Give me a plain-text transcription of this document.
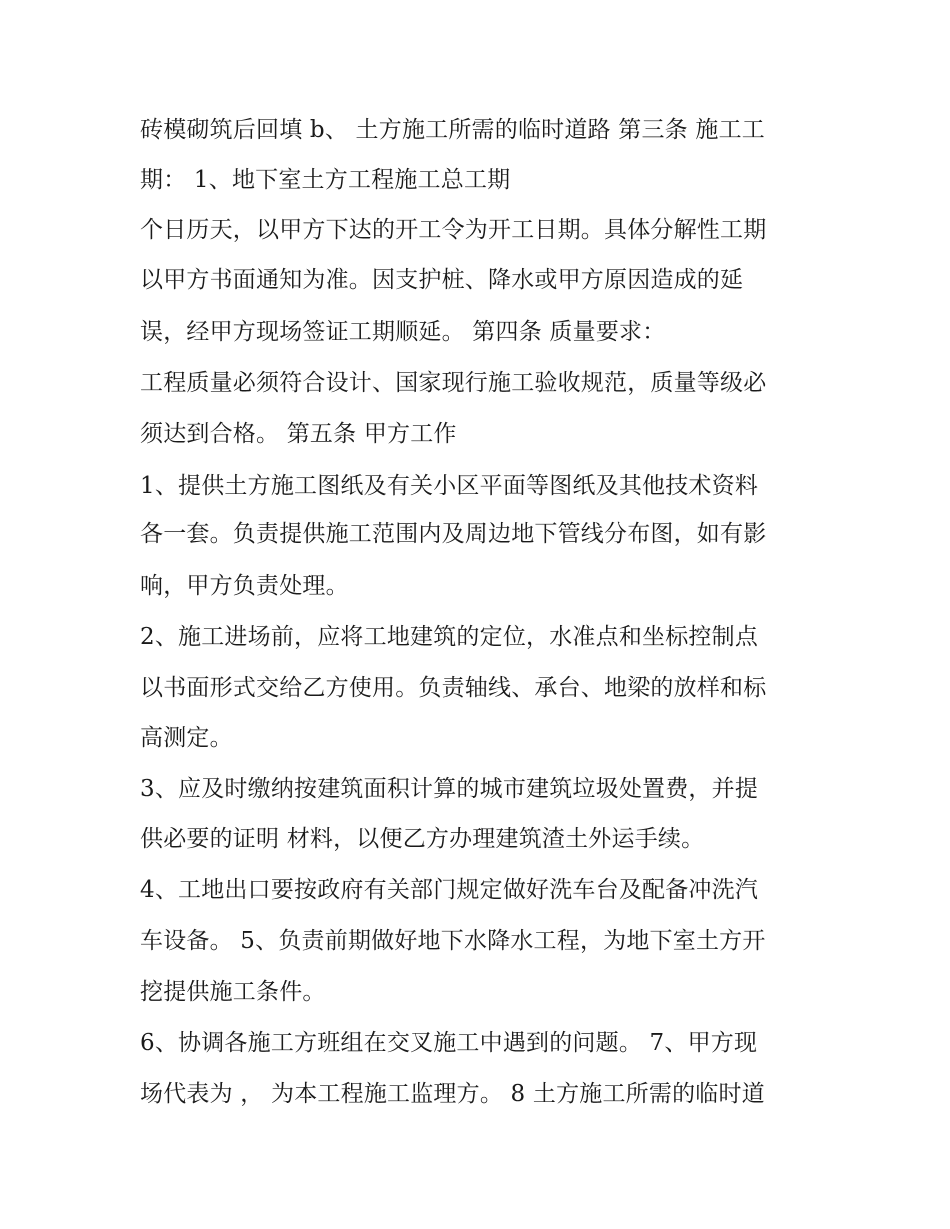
砖模砌筑后回填 b、 土方施工所需的临时道路 第三条 施工工
期： 1、地下室土方工程施工总工期
个日历天，以甲方下达的开工令为开工日期。具体分解性工期
以甲方书面通知为准。因支护桩、降水或甲方原因造成的延
误，经甲方现场签证工期顺延。 第四条 质量要求：
工程质量必须符合设计、国家现行施工验收规范，质量等级必
须达到合格。 第五条 甲方工作
1、提供土方施工图纸及有关小区平面等图纸及其他技术资料
各一套。负责提供施工范围内及周边地下管线分布图，如有影
响，甲方负责处理。
2、施工进场前，应将工地建筑的定位，水准点和坐标控制点
以书面形式交给乙方使用。负责轴线、承台、地梁的放样和标
高测定。
3、应及时缴纳按建筑面积计算的城市建筑垃圾处置费，并提
供必要的证明 材料，以便乙方办理建筑渣土外运手续。
4、工地出口要按政府有关部门规定做好洗车台及配备冲洗汽
车设备。 5、负责前期做好地下水降水工程，为地下室土方开
挖提供施工条件。
6、协调各施工方班组在交叉施工中遇到的问题。 7、甲方现
场代表为 ， 为本工程施工监理方。 8 土方施工所需的临时道
